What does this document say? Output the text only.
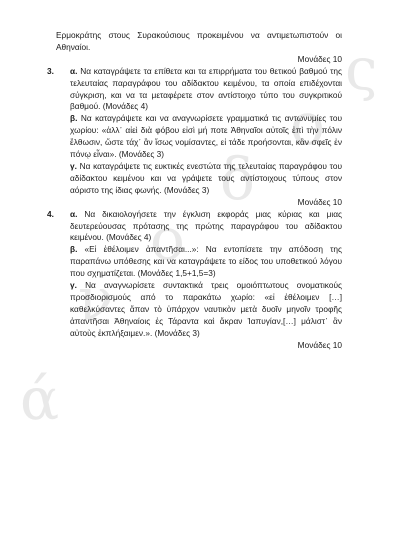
ά
ν
ο
δ
ο
ς

Ερμοκράτης στους Συρακούσιους προκειμένου να αντιμετωπιστούν οι Αθηναίοι.

Μονάδες 10

3. α. Να καταγράψετε τα επίθετα και τα επιρρήματα του θετικού βαθμού της τελευταίας παραγράφου του αδίδακτου κειμένου, τα οποία επιδέχονται σύγκριση, και να τα μεταφέρετε στον αντίστοιχο τύπο του συγκριτικού βαθμού. (Μονάδες 4)

β. Να καταγράψετε και να αναγνωρίσετε γραμματικά τις αντωνυμίες του χωρίου: «ἀλλ᾽ αἰεὶ διὰ φόβου εἰσὶ μή ποτε Ἀθηναῖοι αὐτοῖς ἐπὶ τὴν πόλιν ἔλθωσιν, ὥστε τάχ᾽ ἂν ἴσως νομίσαντες, εἰ τάδε προήσονται, κἂν σφεῖς ἐν πόνῳ εἶναι». (Μονάδες 3)

γ. Να καταγράψετε τις ευκτικές ενεστώτα της τελευταίας παραγράφου του αδίδακτου κειμένου και να γράψετε τους αντίστοιχους τύπους στον αόριστο της ίδιας φωνής. (Μονάδες 3)

Μονάδες 10

4. α. Να δικαιολογήσετε την έγκλιση εκφοράς μιας κύριας και μιας δευτερεύουσας πρότασης της πρώτης παραγράφου του αδίδακτου κειμένου. (Μονάδες 4)

β. «Εἰ ἐθέλοιμεν ἀπαντῆσαι...»: Να εντοπίσετε την απόδοση της παραπάνω υπόθεσης και να καταγράψετε το είδος του υποθετικού λόγου που σχηματίζεται. (Μονάδες 1,5+1,5=3)

γ. Να αναγνωρίσετε συντακτικά τρεις ομοιόπτωτους ονοματικούς προσδιορισμούς από το παρακάτω χωρίο: «εἰ ἐθέλοιμεν […] καθελκύσαντες ἅπαν τὸ ὑπάρχον ναυτικὸν μετὰ δυοῖν μηνοῖν τροφῆς ἀπαντῆσαι Ἀθηναίοις ἐς Τάραντα καὶ ἄκραν Ἰαπυγίαν,[…] μάλιστ᾽ ἂν αὐτοὺς ἐκπλήξαιμεν.». (Μονάδες 3)

Μονάδες 10
